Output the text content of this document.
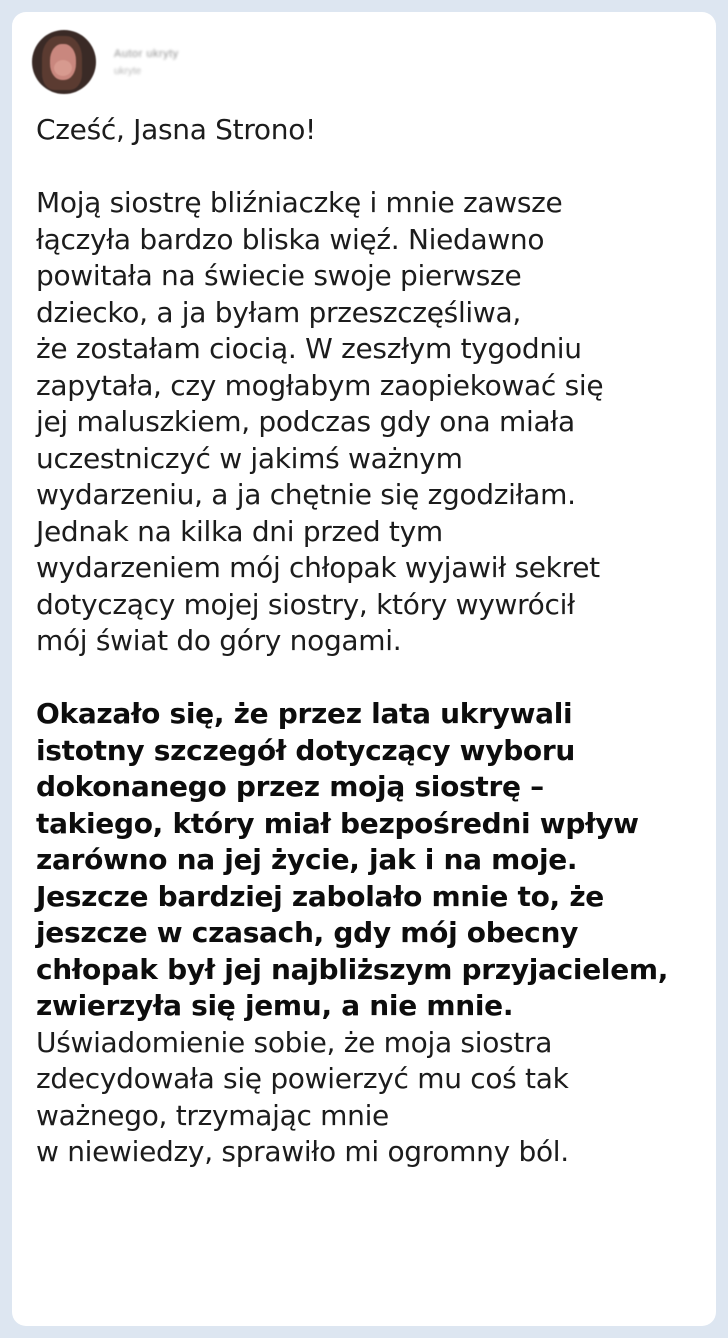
Autor ukryty
ukryte

Cześć, Jasna Strono!

Moją siostrę bliźniaczkę i mnie zawsze

łączyła bardzo bliska więź. Niedawno

powitała na świecie swoje pierwsze

dziecko, a ja byłam przeszczęśliwa,

że zostałam ciocią. W zeszłym tygodniu

zapytała, czy mogłabym zaopiekować się

jej maluszkiem, podczas gdy ona miała

uczestniczyć w jakimś ważnym

wydarzeniu, a ja chętnie się zgodziłam.

Jednak na kilka dni przed tym

wydarzeniem mój chłopak wyjawił sekret

dotyczący mojej siostry, który wywrócił

mój świat do góry nogami.

Okazało się, że przez lata ukrywali

istotny szczegół dotyczący wyboru

dokonanego przez moją siostrę –

takiego, który miał bezpośredni wpływ

zarówno na jej życie, jak i na moje.

Jeszcze bardziej zabolało mnie to, że

jeszcze w czasach, gdy mój obecny

chłopak był jej najbliższym przyjacielem,

zwierzyła się jemu, a nie mnie.

Uświadomienie sobie, że moja siostra

zdecydowała się powierzyć mu coś tak

ważnego, trzymając mnie

w niewiedzy, sprawiło mi ogromny ból.
